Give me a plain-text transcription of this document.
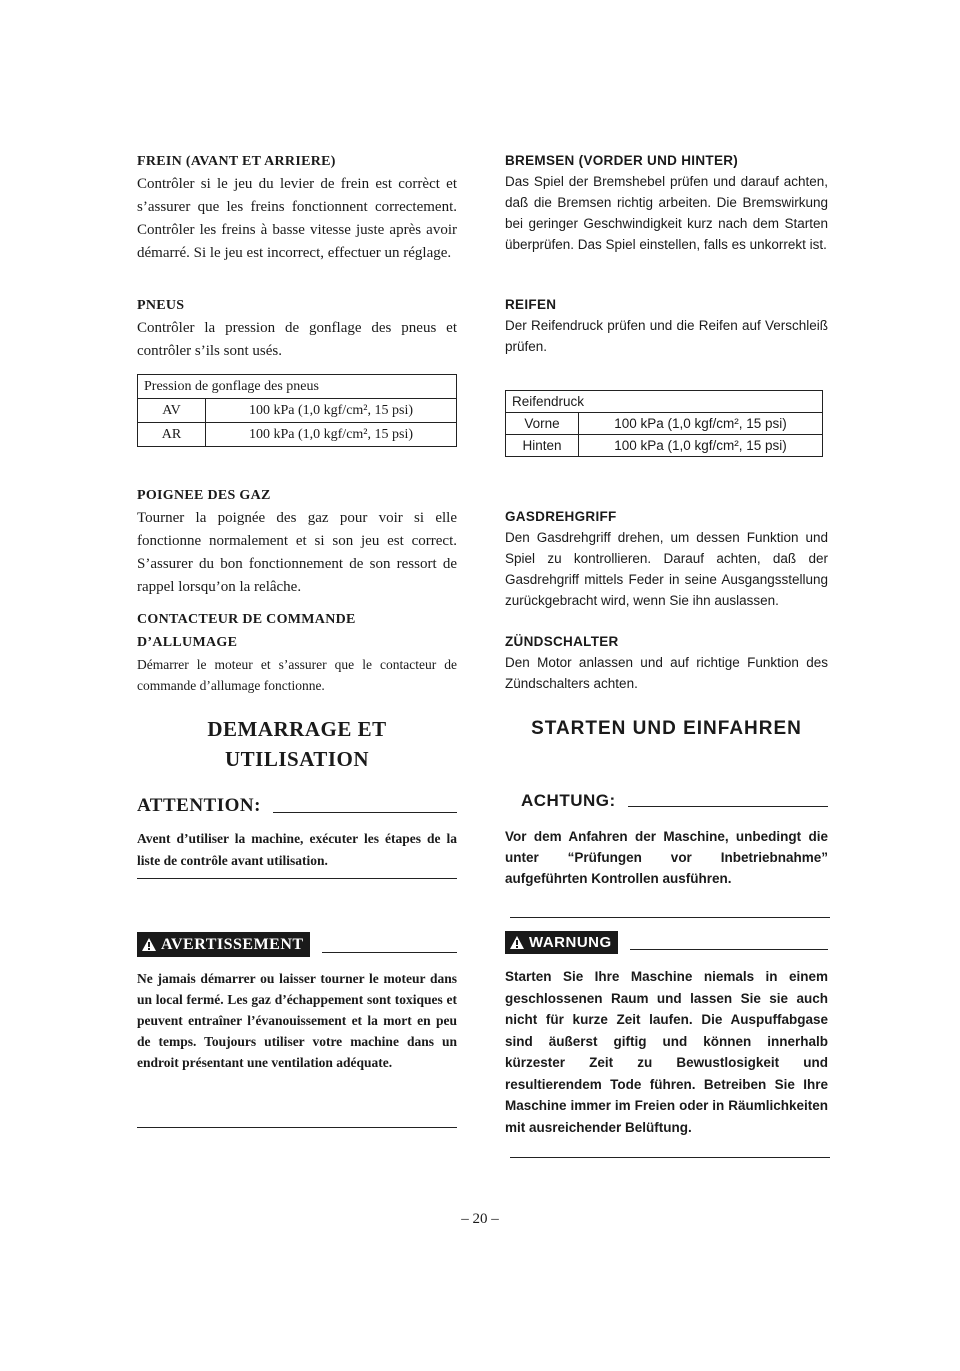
FREIN (AVANT ET ARRIERE)

Contrôler si le jeu du levier de frein est corrèct et s’assurer que les freins fonctionnent correctement. Contrôler les freins à basse vitesse juste après avoir démarré. Si le jeu est incorrect, effectuer un réglage.

PNEUS

Contrôler la pression de gonflage des pneus et contrôler s’ils sont usés.

Pression de gonflage des pneus	
AV	100 kPa (1,0 kgf/cm², 15 psi)
AR	100 kPa (1,0 kgf/cm², 15 psi)

POIGNEE DES GAZ

Tourner la poignée des gaz pour voir si elle fonctionne normalement et si son jeu est correct. S’assurer du bon fonctionnement de son ressort de rappel lorsqu’on la relâche.

CONTACTEUR DE COMMANDE

D’ALLUMAGE

Démarrer le moteur et s’assurer que le contacteur de commande d’allumage fonctionne.

DEMARRAGE ET
UTILISATION
ATTENTION:

Avent d’utiliser la machine, exécuter les étapes de la liste de contrôle avant utilisation.

AVERTISSEMENT

Ne jamais démarrer ou laisser tourner le moteur dans un local fermé. Les gaz d’échappement sont toxiques et peuvent entraîner l’évanouissement et la mort en peu de temps. Toujours utiliser votre machine dans un endroit présentant une ventilation adéquate.

BREMSEN (VORDER UND HINTER)

Das Spiel der Bremshebel prüfen und darauf achten, daß die Bremsen richtig arbeiten. Die Bremswirkung bei geringer Geschwindigkeit kurz nach dem Starten überprüfen. Das Spiel einstellen, falls es unkorrekt ist.

REIFEN

Der Reifendruck prüfen und die Reifen auf Verschleiß prüfen.

Reifendruck	
Vorne	100 kPa (1,0 kgf/cm², 15 psi)
Hinten	100 kPa (1,0 kgf/cm², 15 psi)

GASDREHGRIFF

Den Gasdrehgriff drehen, um dessen Funktion und Spiel zu kontrollieren. Darauf achten, daß der Gasdrehgriff mittels Feder in seine Ausgangsstellung zurückgebracht wird, wenn Sie ihn auslassen.

ZÜNDSCHALTER

Den Motor anlassen und auf richtige Funktion des Zündschalters achten.

STARTEN UND EINFAHREN
ACHTUNG:

Vor dem Anfahren der Maschine, unbedingt die unter “Prüfungen vor Inbetriebnahme” aufgeführten Kontrollen ausführen.

WARNUNG

Starten Sie Ihre Maschine niemals in einem geschlossenen Raum und lassen Sie sie auch nicht für kurze Zeit laufen. Die Auspuffabgase sind äußerst giftig und können innerhalb kürzester Zeit zu Bewustlosigkeit und resultierendem Tode führen. Betreiben Sie Ihre Maschine immer im Freien oder in Räumlichkeiten mit ausreichender Belüftung.

– 20 –
